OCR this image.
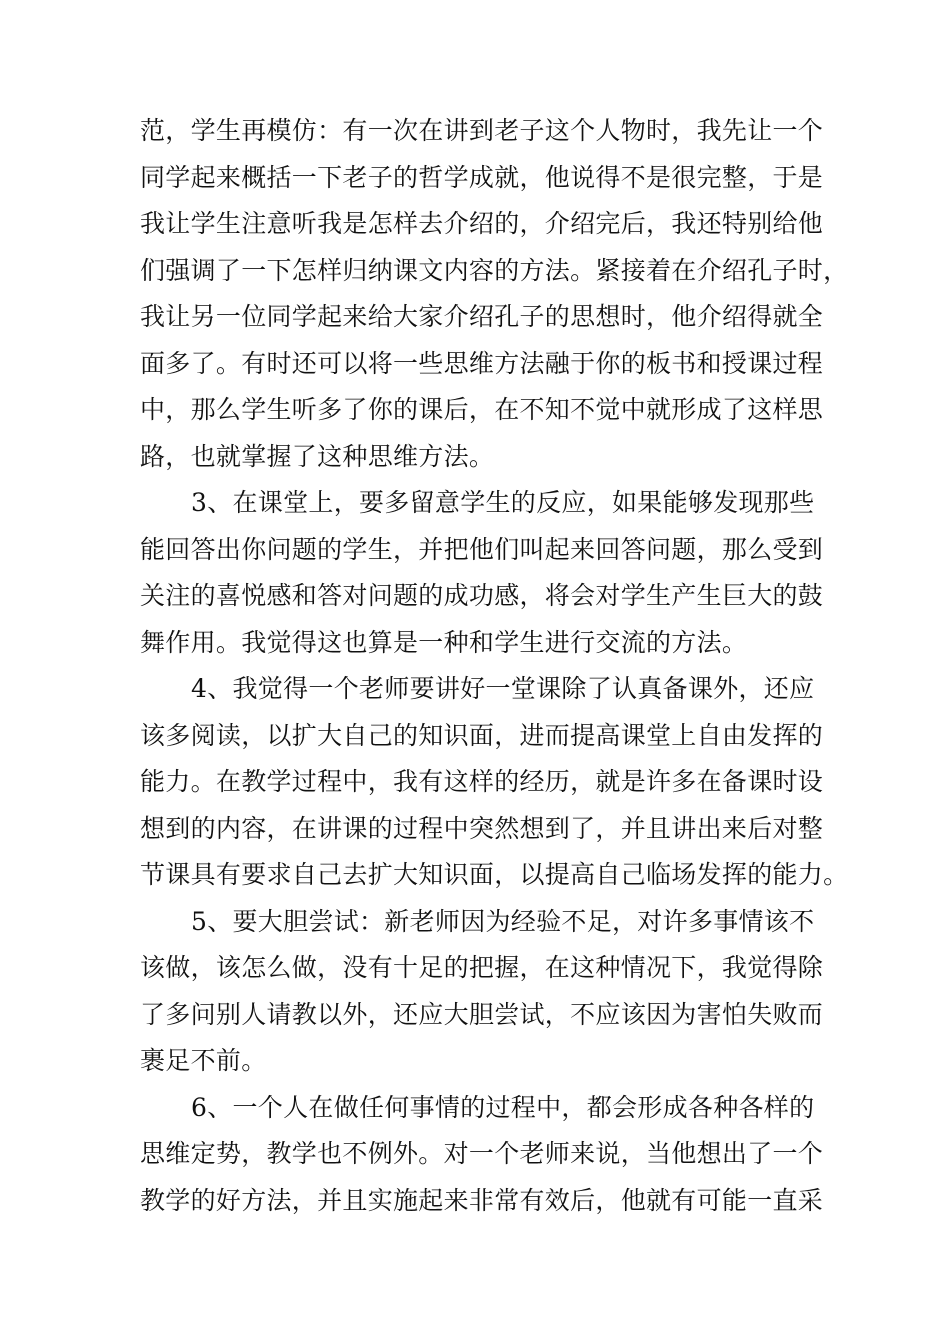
范，学生再模仿：有一次在讲到老子这个人物时，我先让一个
同学起来概括一下老子的哲学成就，他说得不是很完整，于是
我让学生注意听我是怎样去介绍的，介绍完后，我还特别给他
们强调了一下怎样归纳课文内容的方法。紧接着在介绍孔子时，
我让另一位同学起来给大家介绍孔子的思想时，他介绍得就全
面多了。有时还可以将一些思维方法融于你的板书和授课过程
中，那么学生听多了你的课后，在不知不觉中就形成了这样思
路，也就掌握了这种思维方法。
3、在课堂上，要多留意学生的反应，如果能够发现那些
能回答出你问题的学生，并把他们叫起来回答问题，那么受到
关注的喜悦感和答对问题的成功感，将会对学生产生巨大的鼓
舞作用。我觉得这也算是一种和学生进行交流的方法。
4、我觉得一个老师要讲好一堂课除了认真备课外，还应
该多阅读，以扩大自己的知识面，进而提高课堂上自由发挥的
能力。在教学过程中，我有这样的经历，就是许多在备课时设
想到的内容，在讲课的过程中突然想到了，并且讲出来后对整
节课具有要求自己去扩大知识面，以提高自己临场发挥的能力。
5、要大胆尝试：新老师因为经验不足，对许多事情该不
该做，该怎么做，没有十足的把握，在这种情况下，我觉得除
了多问别人请教以外，还应大胆尝试，不应该因为害怕失败而
裹足不前。
6、一个人在做任何事情的过程中，都会形成各种各样的
思维定势，教学也不例外。对一个老师来说，当他想出了一个
教学的好方法，并且实施起来非常有效后，他就有可能一直采
